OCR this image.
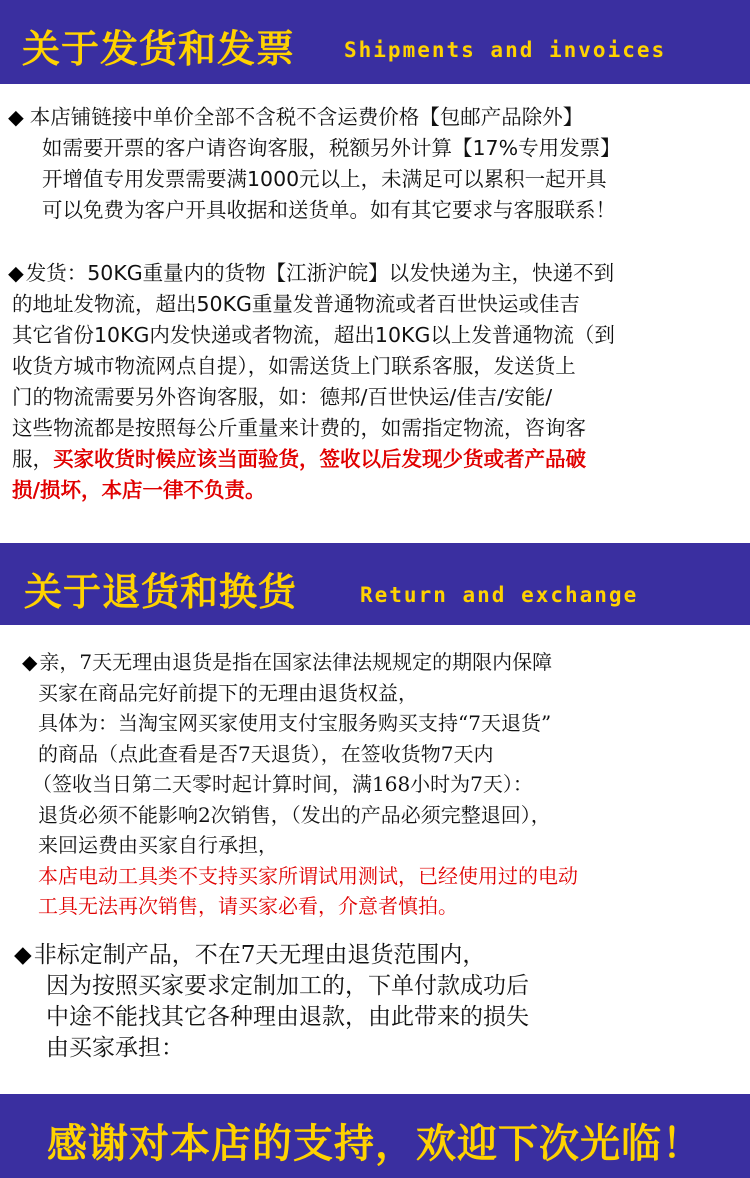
关于发货和发票 Shipments and invoices
◆ 本店铺链接中单价全部不含税不含运费价格【包邮产品除外】
如需要开票的客户请咨询客服，税额另外计算【17%专用发票】
开增值专用发票需要满1000元以上，未满足可以累积一起开具
可以免费为客户开具收据和送货单。如有其它要求与客服联系！
◆发货：50KG重量内的货物【江浙沪皖】以发快递为主，快递不到
的地址发物流，超出50KG重量发普通物流或者百世快运或佳吉
其它省份10KG内发快递或者物流，超出10KG以上发普通物流（到
收货方城市物流网点自提），如需送货上门联系客服，发送货上
门的物流需要另外咨询客服，如：德邦/百世快运/佳吉/安能/
这些物流都是按照每公斤重量来计费的，如需指定物流，咨询客
服，买家收货时候应该当面验货，签收以后发现少货或者产品破
损/损坏，本店一律不负责。
关于退货和换货	Return and exchange
◆ 亲，7天无理由退货是指在国家法律法规规定的期限内保障
买家在商品完好前提下的无理由退货权益，
具体为：当淘宝网买家使用支付宝服务购买支持“7天退货”
的商品（点此查看是否7天退货），在签收货物7天内
（签收当日第二天零时起计算时间，满168小时为7天）：
退货必须不能影响2次销售，（发出的产品必须完整退回），
来回运费由买家自行承担，
本店电动工具类不支持买家所谓试用测试，已经使用过的电动
工具无法再次销售，请买家必看，介意者慎拍。
◆非标定制产品，不在7天无理由退货范围内，
因为按照买家要求定制加工的，下单付款成功后
中途不能找其它各种理由退款，由此带来的损失
由买家承担：
感谢对本店的支持，欢迎下次光临！
